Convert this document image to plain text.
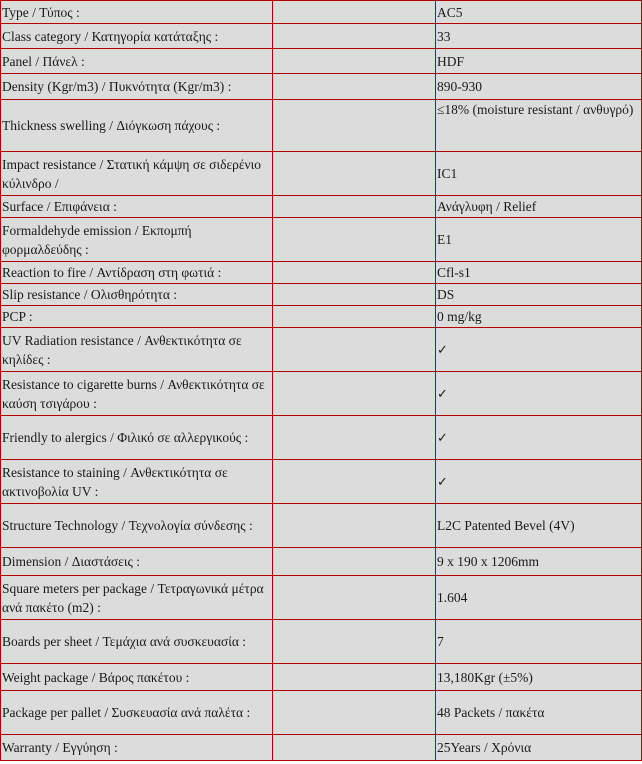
Type / Τύπος :		AC5
Class category / Κατηγορία κατάταξης :		33
Panel / Πάνελ :		HDF
Density (Kgr/m3) / Πυκνότητα (Kgr/m3) :		890-930
Thickness swelling / Διόγκωση πάχους :		≤18% (moisture resistant / ανθυγρό)
Impact resistance / Στατική κάμψη σε σιδερένιο κύλινδρο /		IC1
Surface / Επιφάνεια :		Ανάγλυφη / Relief
Formaldehyde emission / Εκπομπή φορμαλδεύδης :		E1
Reaction to fire / Αντίδραση στη φωτιά :		Cfl-s1
Slip resistance / Ολισθηρότητα :		DS
PCP :		0 mg/kg
UV Radiation resistance / Ανθεκτικότητα σε κηλίδες :		✓
Resistance to cigarette burns / Ανθεκτικότητα σε καύση τσιγάρου :		✓
Friendly to alergics / Φιλικό σε αλλεργικούς :		✓
Resistance to staining / Ανθεκτικότητα σε ακτινοβολία UV :		✓
Structure Technology / Τεχνολογία σύνδεσης :		L2C Patented Bevel (4V)
Dimension / Διαστάσεις :		9 x 190 x 1206mm
Square meters per package / Τετραγωνικά μέτρα ανά πακέτο (m2) :		1.604
Boards per sheet / Τεμάχια ανά συσκευασία :		7
Weight package / Βάρος πακέτου :		13,180Kgr (±5%)
Package per pallet / Συσκευασία ανά παλέτα :		48 Packets / πακέτα
Warranty / Εγγύηση :		25Years / Χρόνια
